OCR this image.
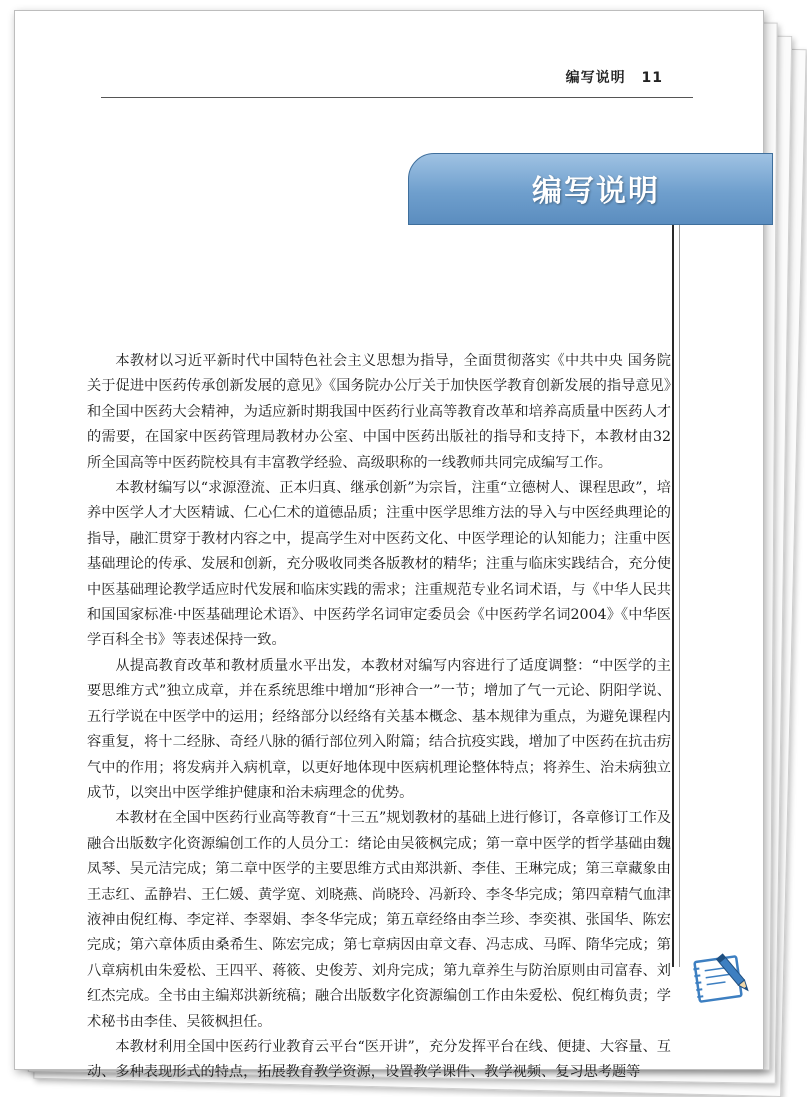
编写说明 11
编写说明

本教材以习近平新时代中国特色社会主义思想为指导，全面贯彻落实《中共中央 国务院关于促进中医药传承创新发展的意见》《国务院办公厅关于加快医学教育创新发展的指导意见》和全国中医药大会精神，为适应新时期我国中医药行业高等教育改革和培养高质量中医药人才的需要，在国家中医药管理局教材办公室、中国中医药出版社的指导和支持下，本教材由32所全国高等中医药院校具有丰富教学经验、高级职称的一线教师共同完成编写工作。

本教材编写以“求源澄流、正本归真、继承创新”为宗旨，注重“立德树人、课程思政”，培养中医学人才大医精诚、仁心仁术的道德品质；注重中医学思维方法的导入与中医经典理论的指导，融汇贯穿于教材内容之中，提高学生对中医药文化、中医学理论的认知能力；注重中医基础理论的传承、发展和创新，充分吸收同类各版教材的精华；注重与临床实践结合，充分使中医基础理论教学适应时代发展和临床实践的需求；注重规范专业名词术语，与《中华人民共和国国家标准·中医基础理论术语》、中医药学名词审定委员会《中医药学名词2004》《中华医学百科全书》等表述保持一致。

从提高教育改革和教材质量水平出发，本教材对编写内容进行了适度调整：“中医学的主要思维方式”独立成章，并在系统思维中增加“形神合一”一节；增加了气一元论、阴阳学说、五行学说在中医学中的运用；经络部分以经络有关基本概念、基本规律为重点，为避免课程内容重复，将十二经脉、奇经八脉的循行部位列入附篇；结合抗疫实践，增加了中医药在抗击疠气中的作用；将发病并入病机章，以更好地体现中医病机理论整体特点；将养生、治未病独立成节，以突出中医学维护健康和治未病理念的优势。

本教材在全国中医药行业高等教育“十三五”规划教材的基础上进行修订，各章修订工作及融合出版数字化资源编创工作的人员分工：绪论由吴筱枫完成；第一章中医学的哲学基础由魏凤琴、吴元洁完成；第二章中医学的主要思维方式由郑洪新、李佳、王琳完成；第三章藏象由王志红、孟静岩、王仁媛、黄学宽、刘晓燕、尚晓玲、冯新玲、李冬华完成；第四章精气血津液神由倪红梅、李定祥、李翠娟、李冬华完成；第五章经络由李兰珍、李奕祺、张国华、陈宏完成；第六章体质由桑希生、陈宏完成；第七章病因由章文春、冯志成、马晖、隋华完成；第八章病机由朱爱松、王四平、蒋筱、史俊芳、刘舟完成；第九章养生与防治原则由司富春、刘红杰完成。全书由主编郑洪新统稿；融合出版数字化资源编创工作由朱爱松、倪红梅负责；学术秘书由李佳、吴筱枫担任。

本教材利用全国中医药行业教育云平台“医开讲”，充分发挥平台在线、便捷、大容量、互动、多种表现形式的特点，拓展教育教学资源，设置教学课件、教学视频、复习思考题等
